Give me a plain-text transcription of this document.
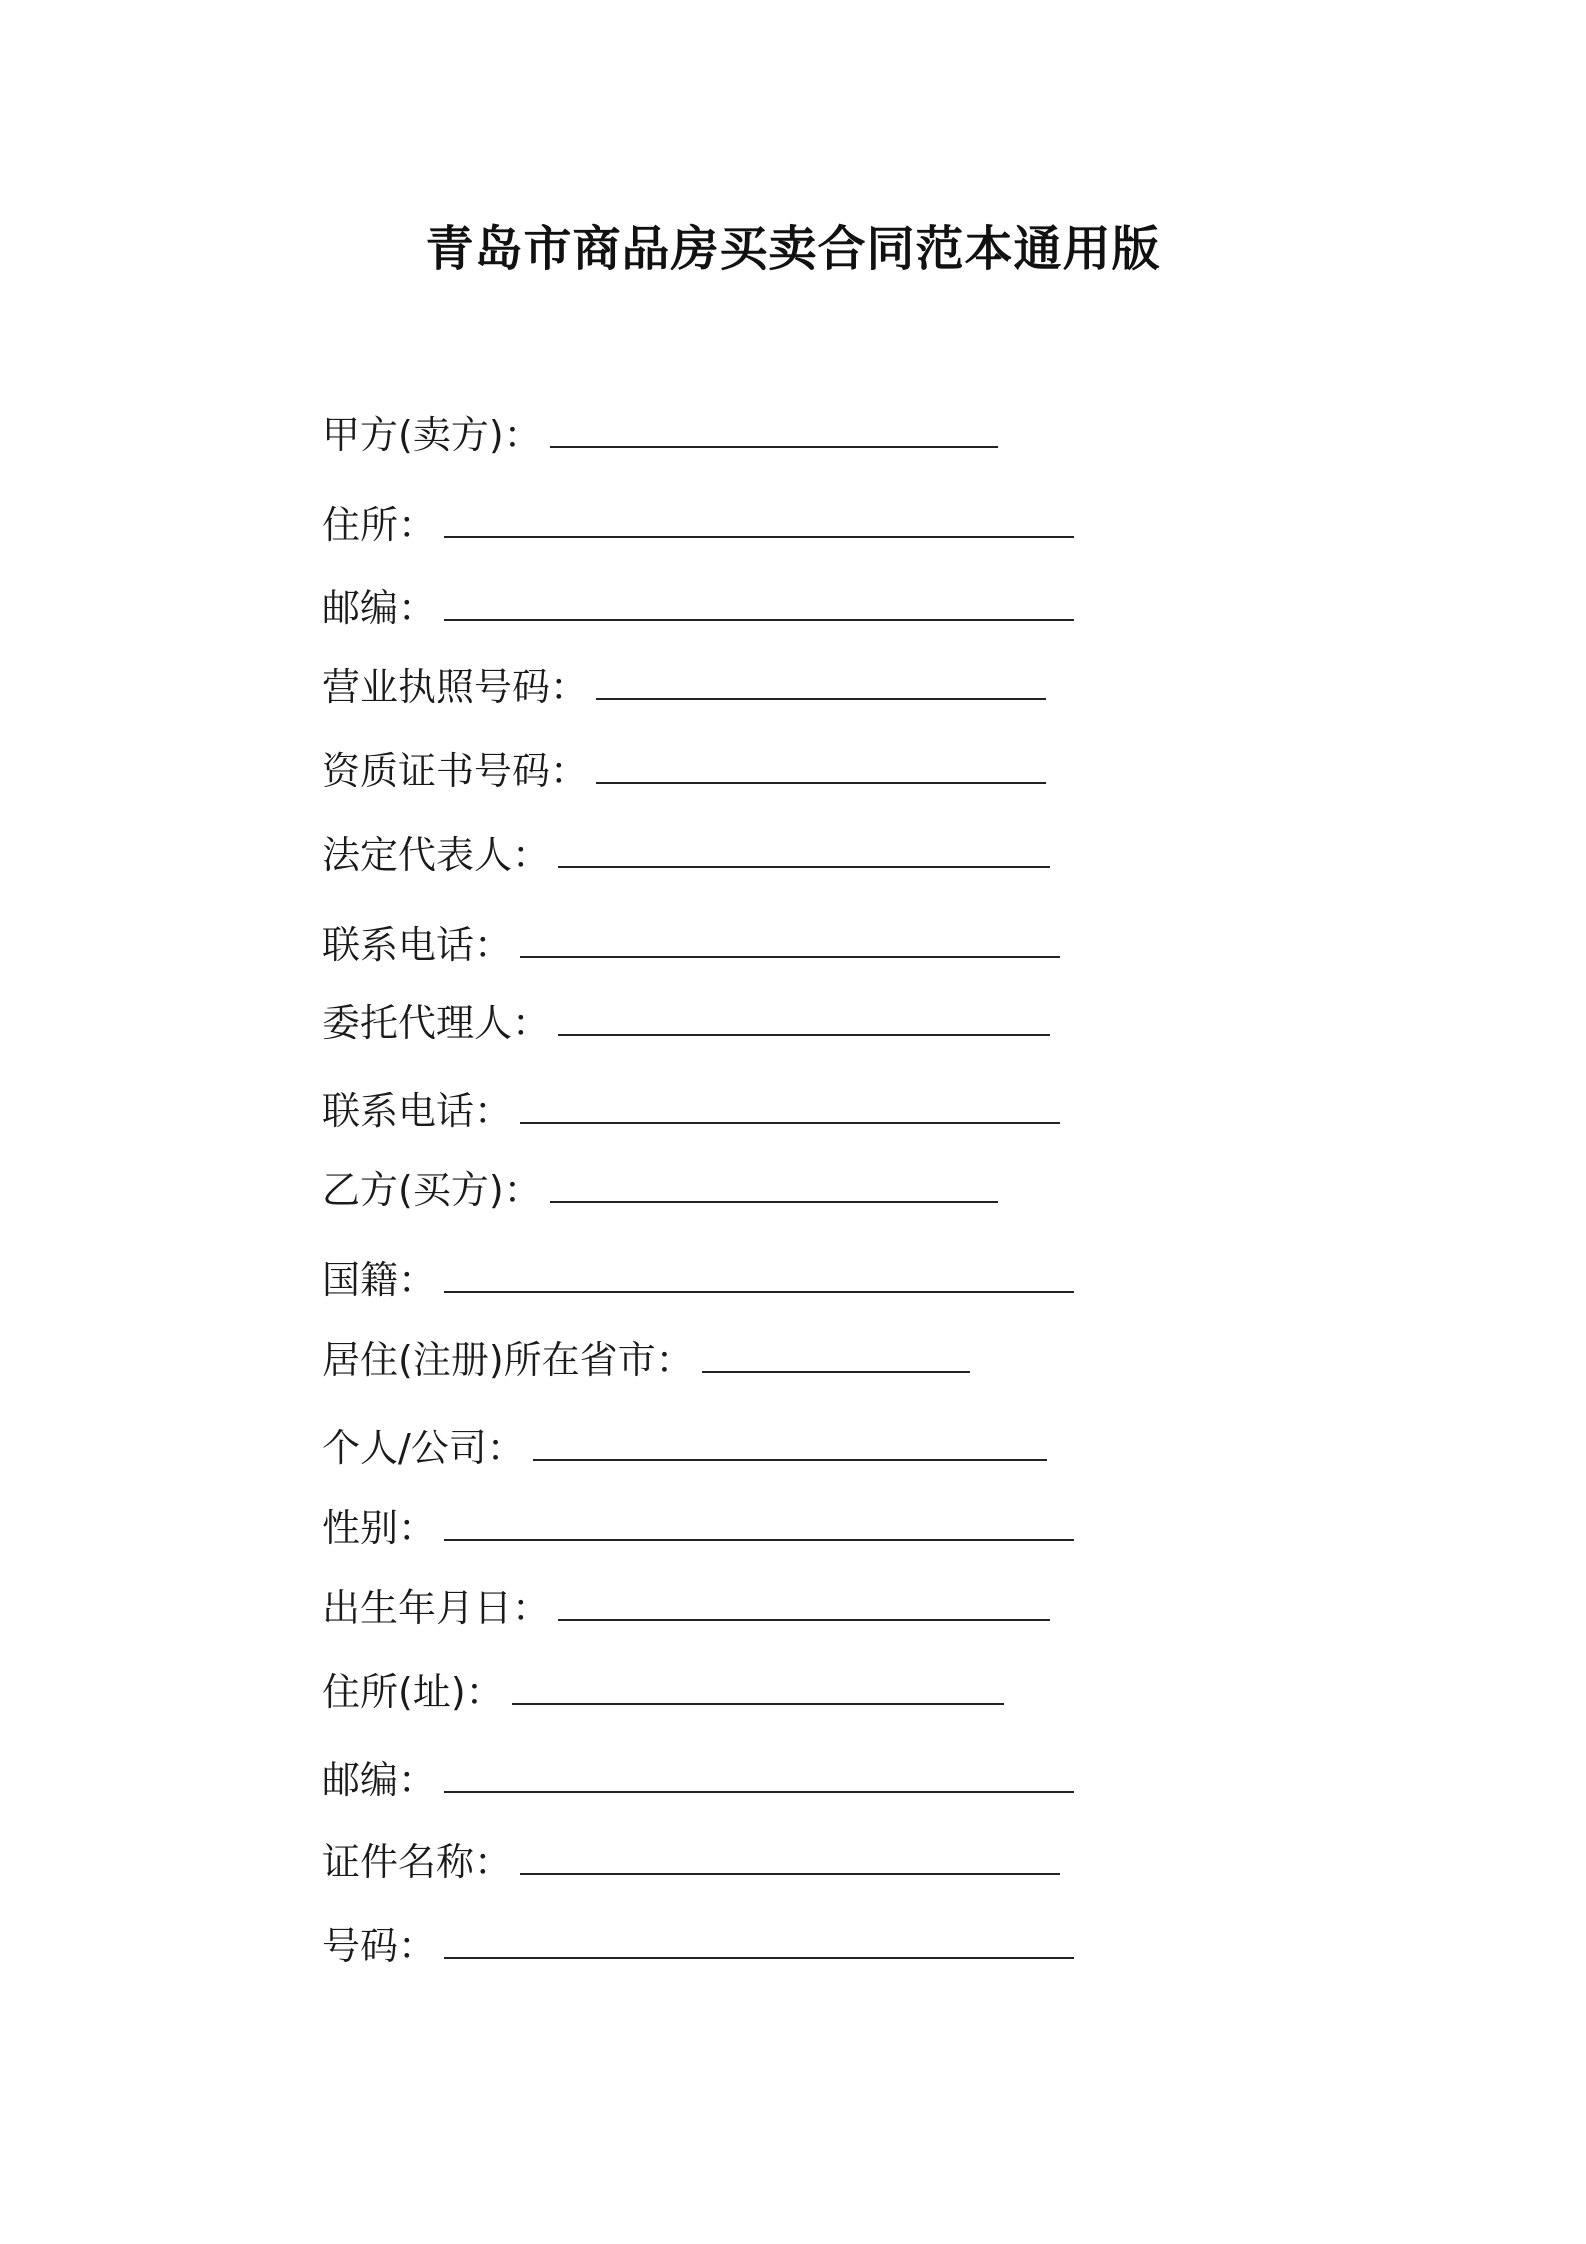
青岛市商品房买卖合同范本通用版
甲方(卖方)：
住所：
邮编：
营业执照号码：
资质证书号码：
法定代表人：
联系电话：
委托代理人：
联系电话：
乙方(买方)：
国籍：
居住(注册)所在省市：
个人/公司：
性别：
出生年月日：
住所(址)：
邮编：
证件名称：
号码：
